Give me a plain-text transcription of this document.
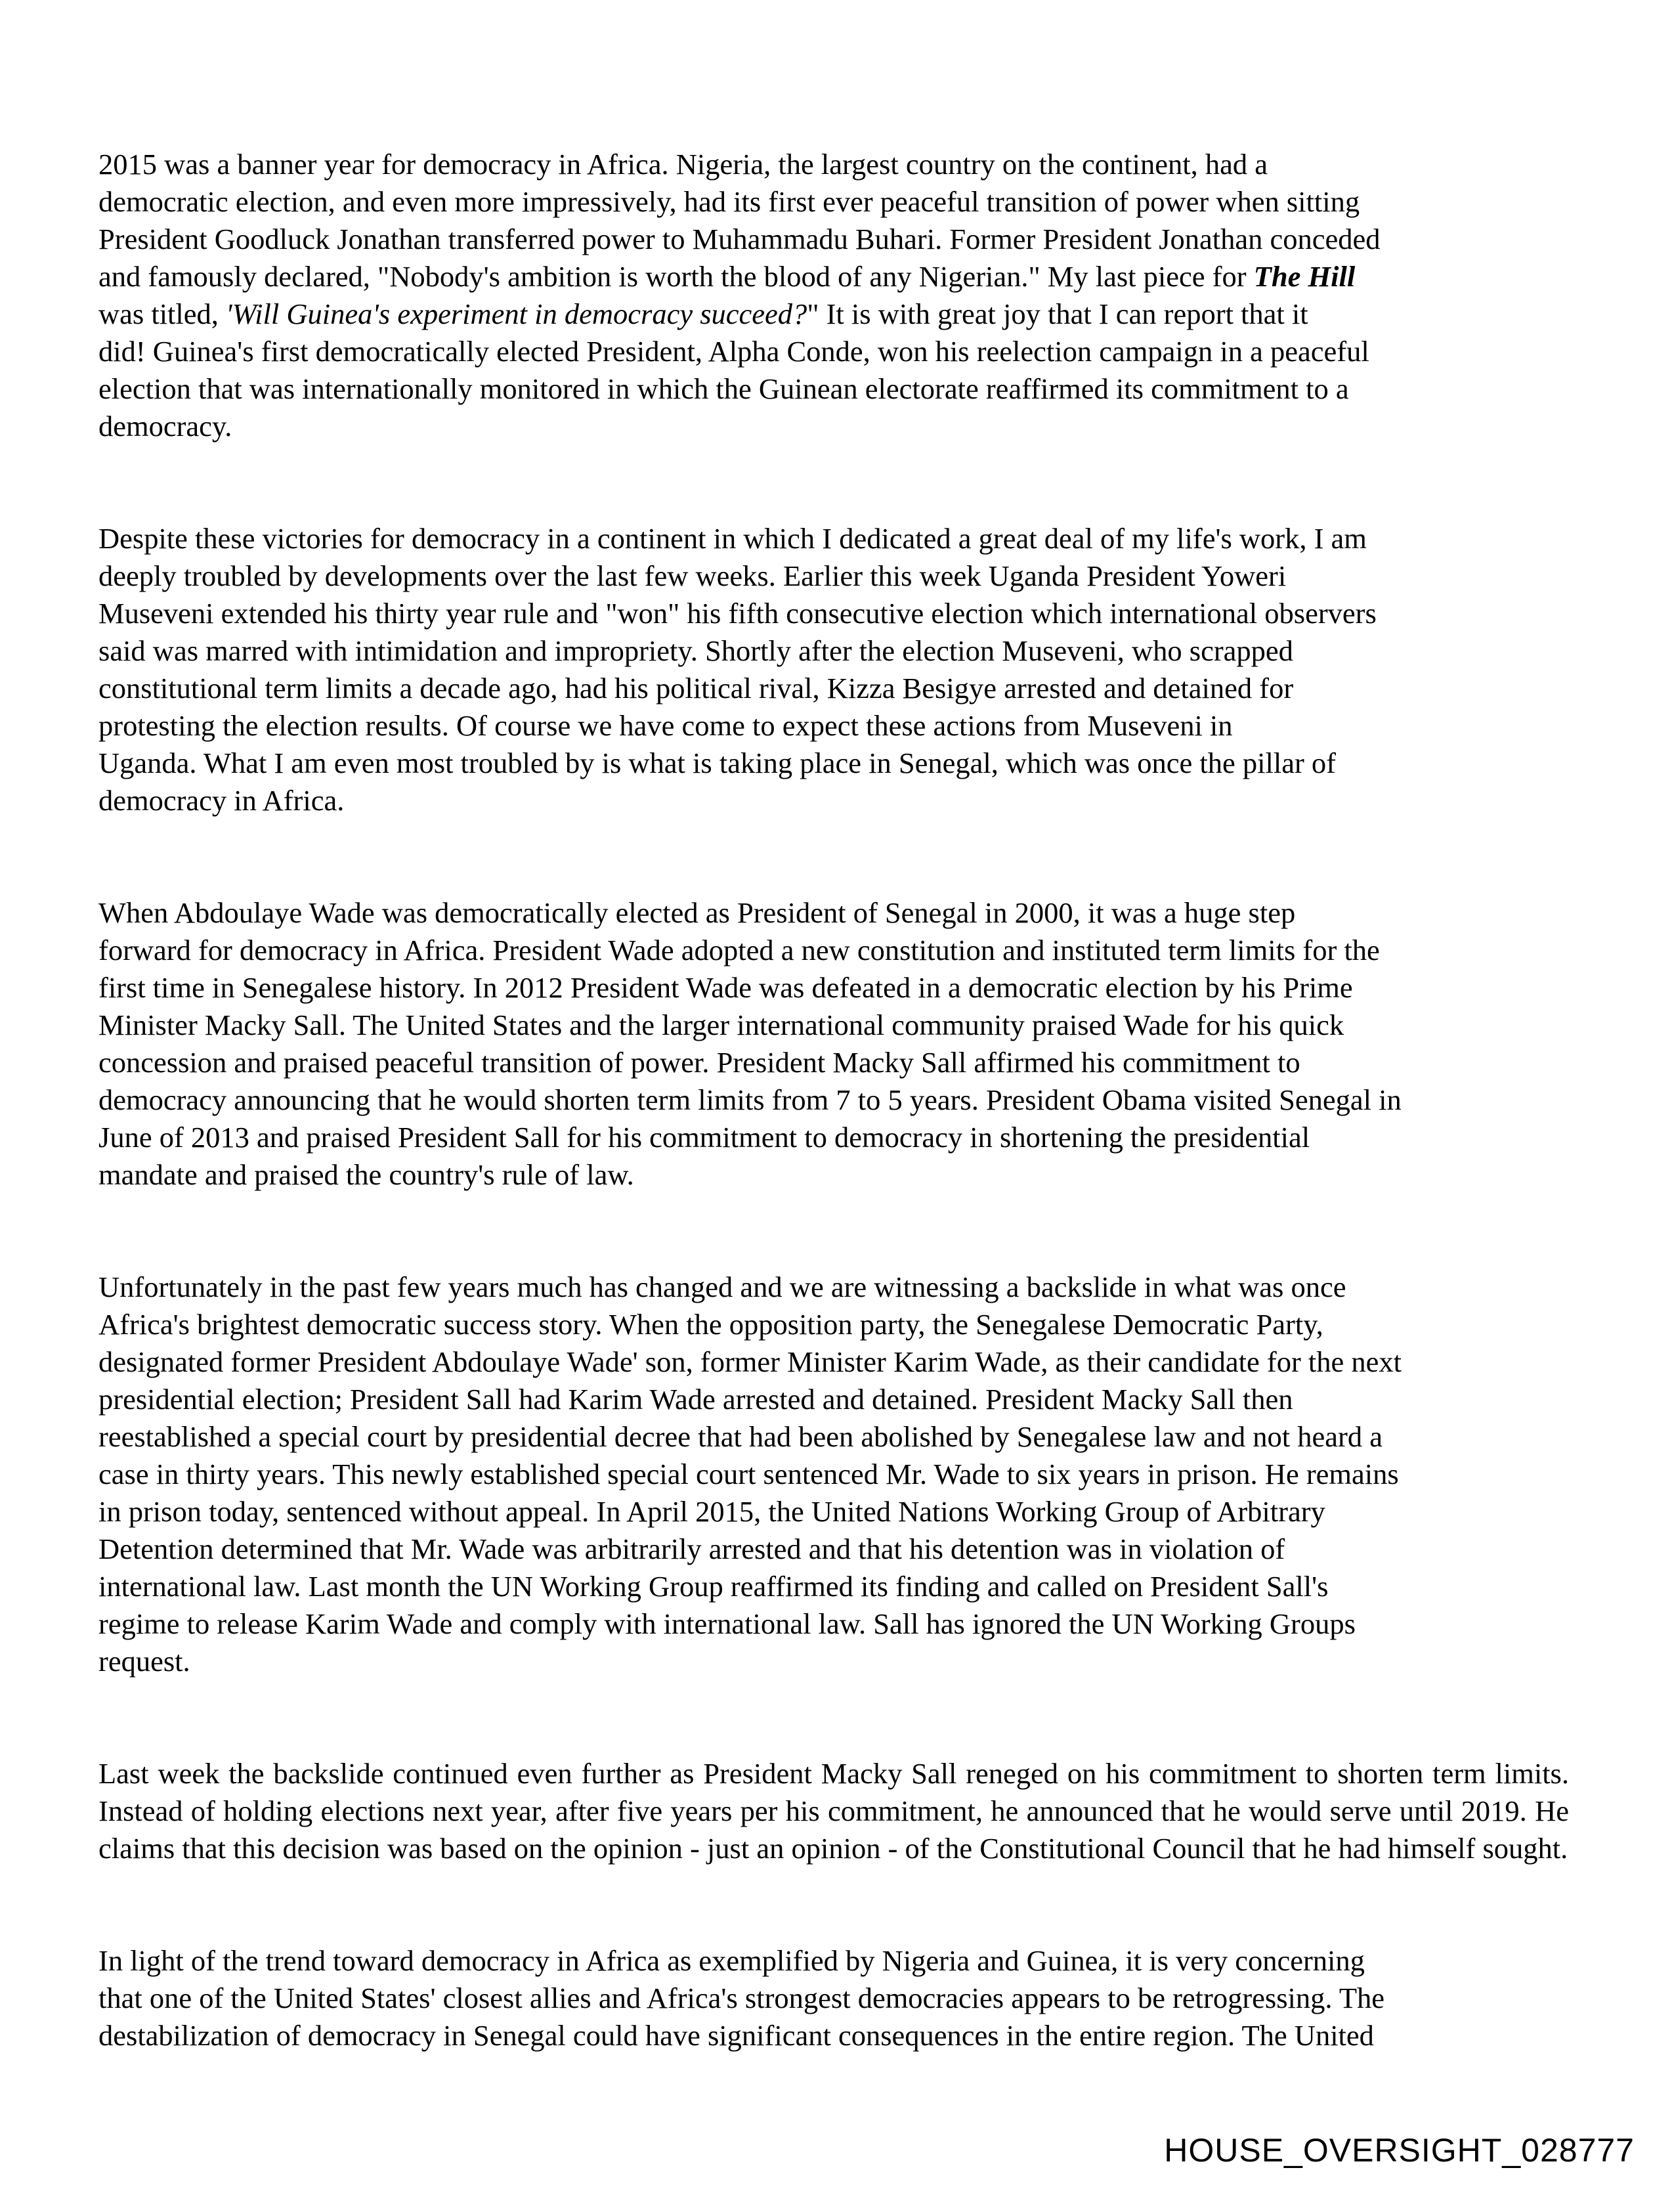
2015 was a banner year for democracy in Africa. Nigeria, the largest country on the continent, had a
democratic election, and even more impressively, had its first ever peaceful transition of power when sitting
President Goodluck Jonathan transferred power to Muhammadu Buhari. Former President Jonathan conceded
and famously declared, "Nobody's ambition is worth the blood of any Nigerian." My last piece for The Hill
was titled, 'Will Guinea's experiment in democracy succeed?" It is with great joy that I can report that it
did! Guinea's first democratically elected President, Alpha Conde, won his reelection campaign in a peaceful
election that was internationally monitored in which the Guinean electorate reaffirmed its commitment to a
democracy.

Despite these victories for democracy in a continent in which I dedicated a great deal of my life's work, I am
deeply troubled by developments over the last few weeks. Earlier this week Uganda President Yoweri
Museveni extended his thirty year rule and "won" his fifth consecutive election which international observers
said was marred with intimidation and impropriety. Shortly after the election Museveni, who scrapped
constitutional term limits a decade ago, had his political rival, Kizza Besigye arrested and detained for
protesting the election results. Of course we have come to expect these actions from Museveni in
Uganda. What I am even most troubled by is what is taking place in Senegal, which was once the pillar of
democracy in Africa.

When Abdoulaye Wade was democratically elected as President of Senegal in 2000, it was a huge step
forward for democracy in Africa. President Wade adopted a new constitution and instituted term limits for the
first time in Senegalese history. In 2012 President Wade was defeated in a democratic election by his Prime
Minister Macky Sall. The United States and the larger international community praised Wade for his quick
concession and praised peaceful transition of power. President Macky Sall affirmed his commitment to
democracy announcing that he would shorten term limits from 7 to 5 years. President Obama visited Senegal in
June of 2013 and praised President Sall for his commitment to democracy in shortening the presidential
mandate and praised the country's rule of law.

Unfortunately in the past few years much has changed and we are witnessing a backslide in what was once
Africa's brightest democratic success story. When the opposition party, the Senegalese Democratic Party,
designated former President Abdoulaye Wade' son, former Minister Karim Wade, as their candidate for the next
presidential election; President Sall had Karim Wade arrested and detained. President Macky Sall then
reestablished a special court by presidential decree that had been abolished by Senegalese law and not heard a
case in thirty years. This newly established special court sentenced Mr. Wade to six years in prison. He remains
in prison today, sentenced without appeal. In April 2015, the United Nations Working Group of Arbitrary
Detention determined that Mr. Wade was arbitrarily arrested and that his detention was in violation of
international law. Last month the UN Working Group reaffirmed its finding and called on President Sall's
regime to release Karim Wade and comply with international law. Sall has ignored the UN Working Groups
request.

Last week the backslide continued even further as President Macky Sall reneged on his commitment to shorten term limits. Instead of holding elections next year, after five years per his commitment, he announced that he would serve until 2019. He claims that this decision was based on the opinion - just an opinion - of the Constitutional Council that he had himself sought.

In light of the trend toward democracy in Africa as exemplified by Nigeria and Guinea, it is very concerning
that one of the United States' closest allies and Africa's strongest democracies appears to be retrogressing. The
destabilization of democracy in Senegal could have significant consequences in the entire region. The United

HOUSE_OVERSIGHT_028777
